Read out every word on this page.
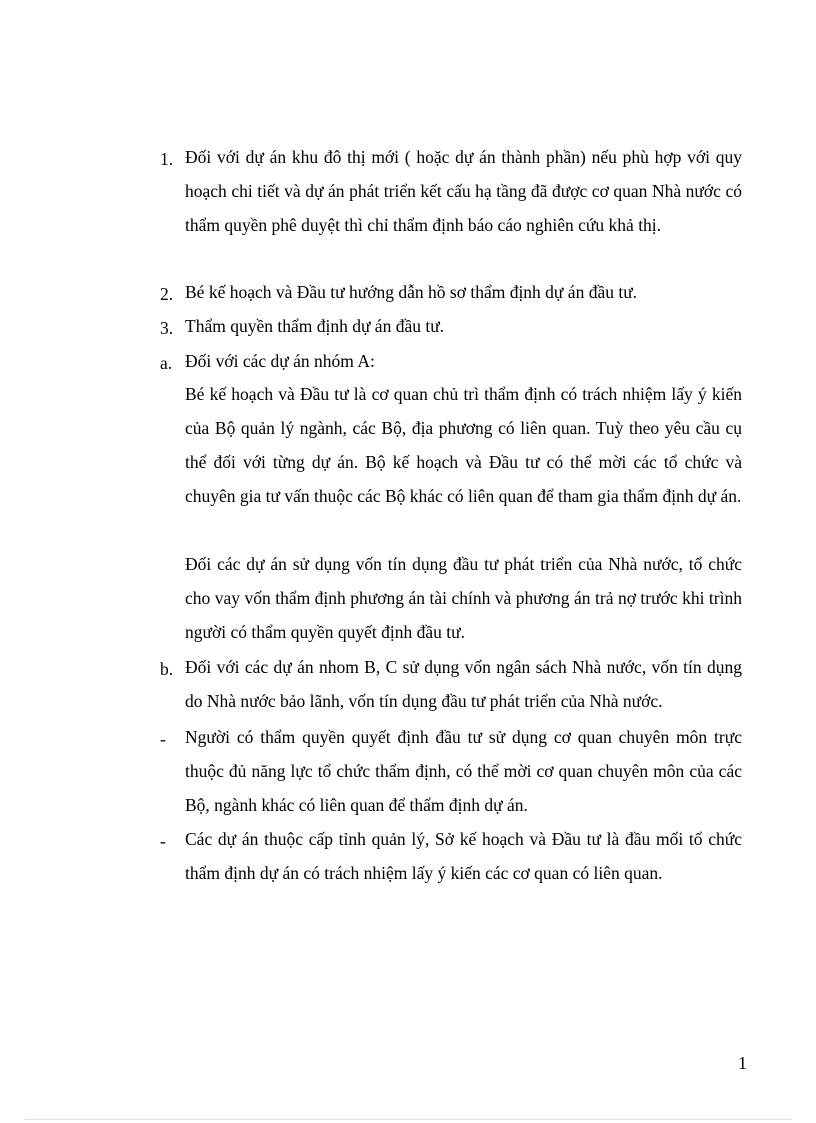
1. Đối với dự án khu đô thị mới ( hoặc dự án thành phần) nếu phù hợp với quy hoạch chi tiết và dự án phát triển kết cấu hạ tầng đã được cơ quan Nhà nước có thẩm quyền phê duyệt thì chỉ thẩm định báo cáo nghiên cứu khả thị.
2. Bé kế hoạch và Đầu tư hướng dẫn hồ sơ thẩm định dự án đầu tư.
3. Thẩm quyền thẩm định dự án đầu tư.
a. Đối với các dự án nhóm A:
Bé kế hoạch và Đầu tư là cơ quan chủ trì thẩm định có trách nhiệm lấy ý kiến của Bộ quản lý ngành, các Bộ, địa phương có liên quan. Tuỳ theo yêu cầu cụ thể đối với từng dự án. Bộ kế hoạch và Đầu tư có thể mời các tổ chức và chuyên gia tư vấn thuộc các Bộ khác có liên quan để tham gia thẩm định dự án.
Đối các dự án sử dụng vốn tín dụng đầu tư phát triển của Nhà nước, tổ chức cho vay vốn thẩm định phương án tài chính và phương án trả nợ trước khi trình người có thẩm quyền quyết định đầu tư.
b. Đối với các dự án nhom B, C sử dụng vốn ngân sách Nhà nước, vốn tín dụng do Nhà nước bảo lãnh, vốn tín dụng đầu tư phát triển của Nhà nước.
-	Người có thẩm quyền quyết định đầu tư sử dụng cơ quan chuyên môn trực thuộc đủ năng lực tổ chức thẩm định, có thể mời cơ quan chuyên môn của các Bộ, ngành khác có liên quan để thẩm định dự án.
-	Các dự án thuộc cấp tỉnh quản lý, Sở kế hoạch và Đầu tư là đầu mối tổ chức thẩm định dự án có trách nhiệm lấy ý kiến các cơ quan có liên quan.
1
